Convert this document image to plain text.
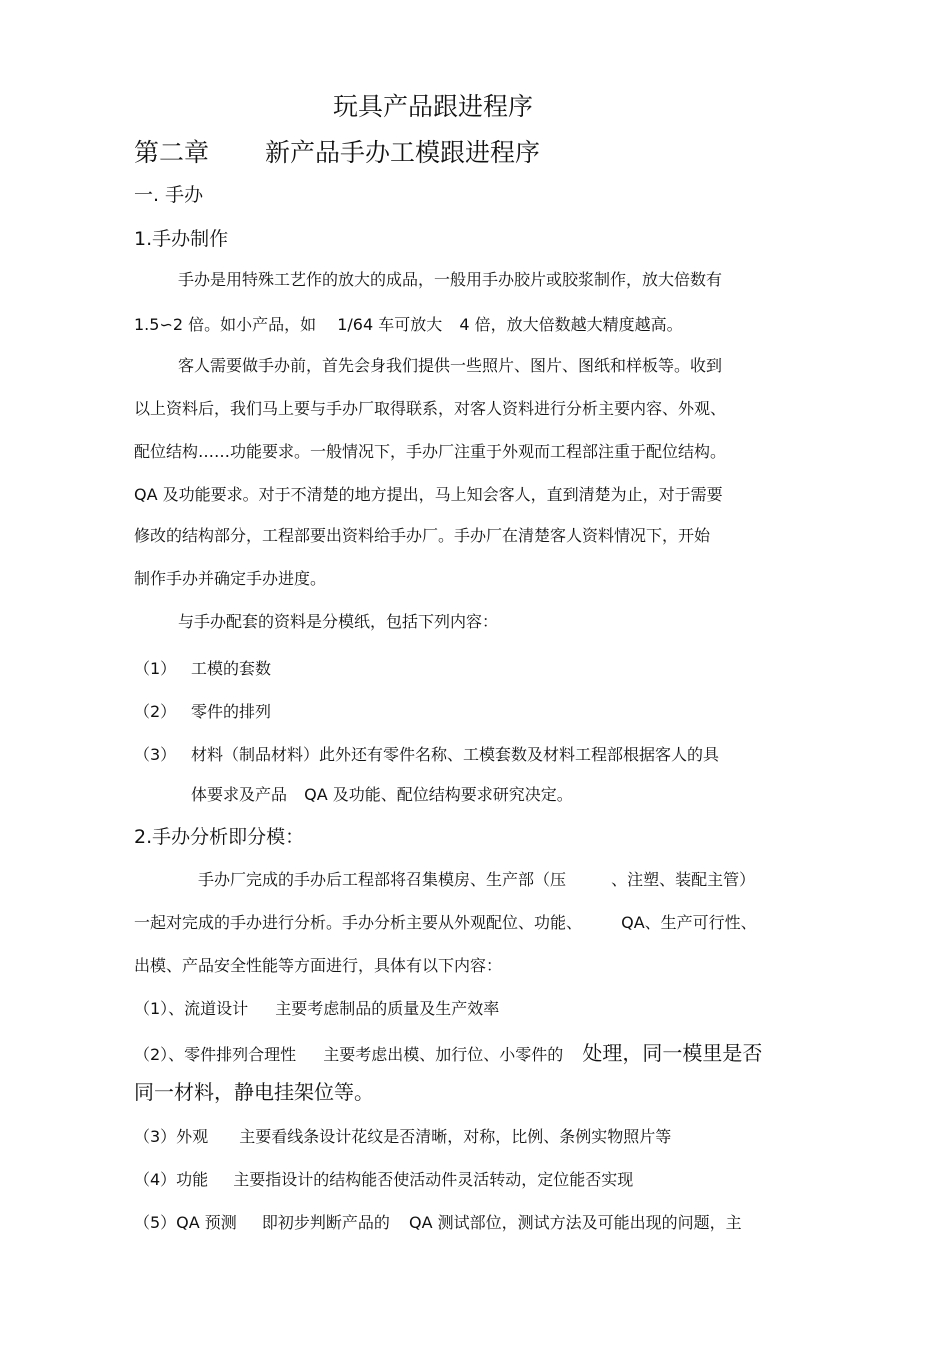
玩具产品跟进程序
第二章 新产品手办工模跟进程序
一. 手办
1.手办制作
手办是用特殊工艺作的放大的成品，一般用手办胶片或胶浆制作，放大倍数有
1.5∽2 倍。如小产品，如 1/64 车可放大 4 倍，放大倍数越大精度越高。
客人需要做手办前，首先会身我们提供一些照片、图片、图纸和样板等。收到
以上资料后，我们马上要与手办厂取得联系，对客人资料进行分析主要内容、外观、
配位结构……功能要求。一般情况下，手办厂注重于外观而工程部注重于配位结构。
QA 及功能要求。对于不清楚的地方提出，马上知会客人，直到清楚为止，对于需要
修改的结构部分，工程部要出资料给手办厂。手办厂在清楚客人资料情况下，开始
制作手办并确定手办进度。
与手办配套的资料是分模纸，包括下列内容：
（1） 工模的套数
（2） 零件的排列
（3） 材料（制品材料）此外还有零件名称、工模套数及材料工程部根据客人的具
体要求及产品 QA 及功能、配位结构要求研究决定。
2.手办分析即分模：
手办厂完成的手办后工程部将召集模房、生产部（压	、注塑、装配主管）
一起对完成的手办进行分析。手办分析主要从外观配位、功能、 QA、生产可行性、
出模、产品安全性能等方面进行，具体有以下内容：
（1）、流道设计 主要考虑制品的质量及生产效率
（2）、零件排列合理性 主要考虑出模、加行位、小零件的 处理，同一模里是否
同一材料，静电挂架位等。
（3）外观 主要看线条设计花纹是否清晰，对称，比例、条例实物照片等
（4）功能 主要指设计的结构能否使活动件灵活转动，定位能否实现
（5）QA 预测 即初步判断产品的 QA 测试部位，测试方法及可能出现的问题，主
